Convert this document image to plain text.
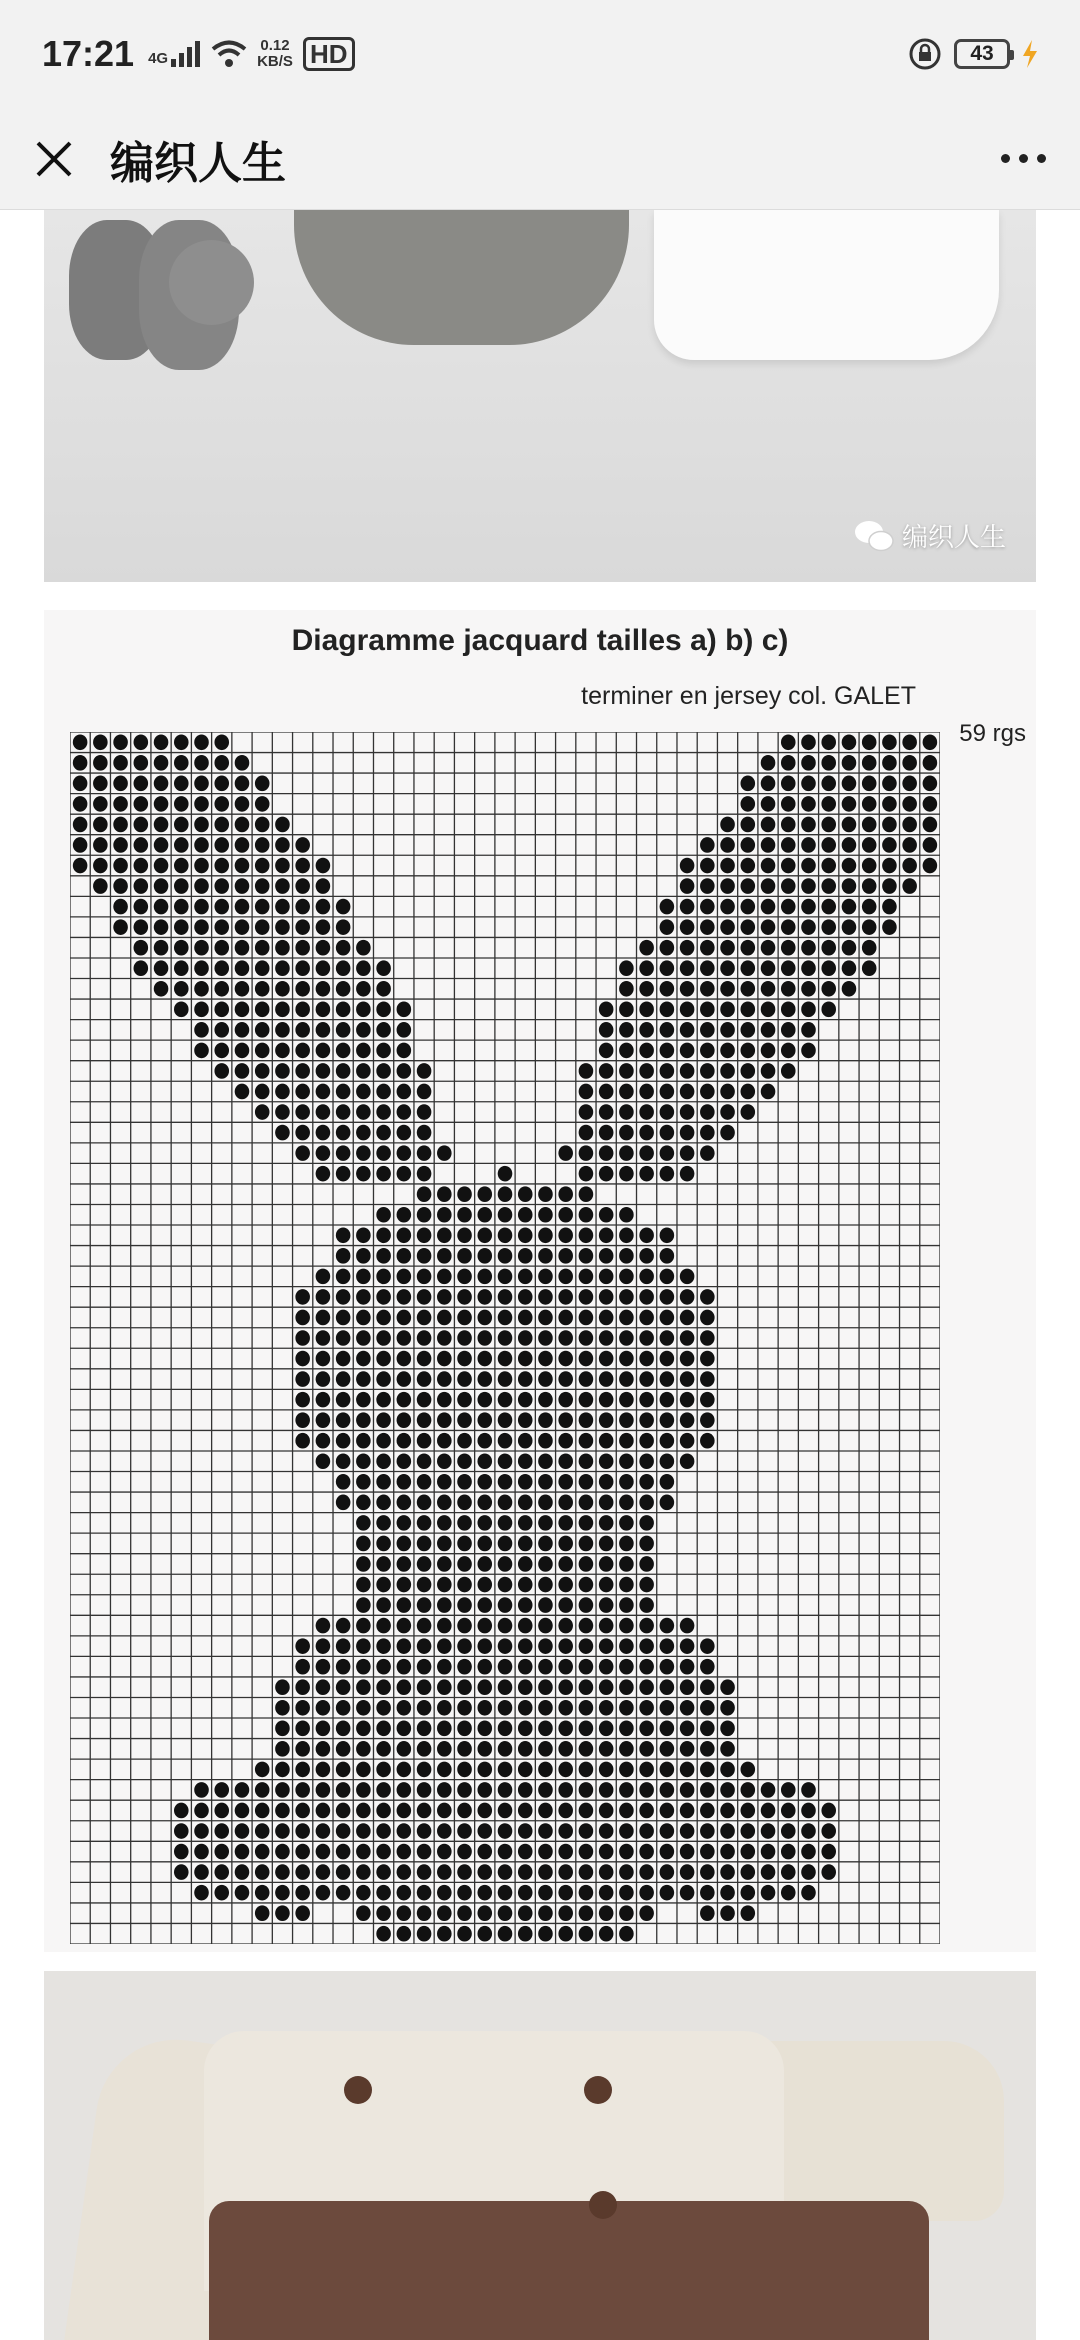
17:21 4G
0.12
KB/S HD	43
编织人生
编织人生
Diagramme jacquard tailles a) b) c)
terminer en jersey col. GALET
59 rgs
